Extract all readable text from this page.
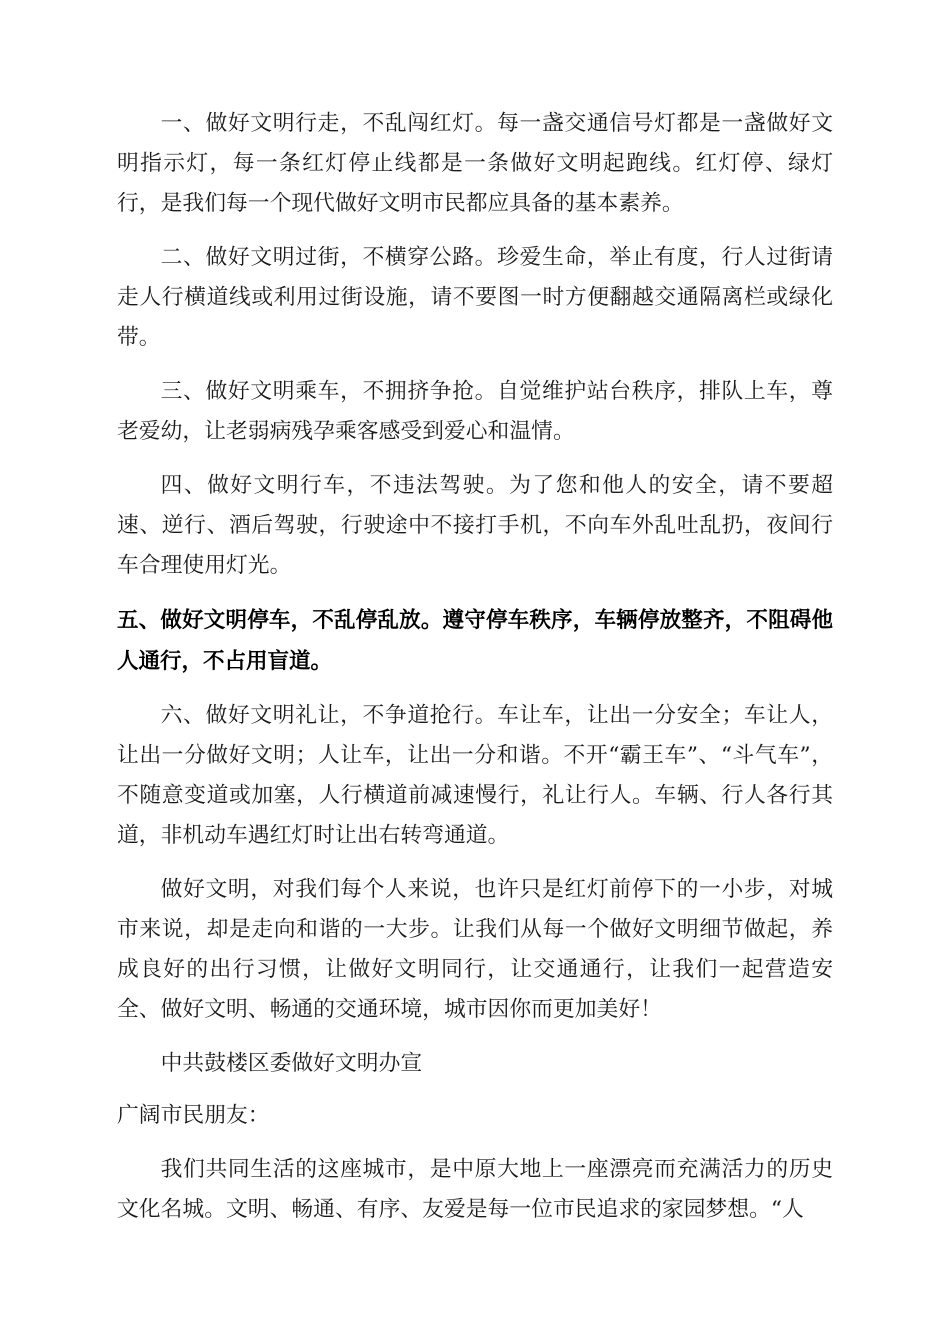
一、做好文明行走，不乱闯红灯。每一盏交通信号灯都是一盏做好文明指示灯，每一条红灯停止线都是一条做好文明起跑线。红灯停、绿灯行，是我们每一个现代做好文明市民都应具备的基本素养。

二、做好文明过街，不横穿公路。珍爱生命，举止有度，行人过街请走人行横道线或利用过街设施，请不要图一时方便翻越交通隔离栏或绿化带。

三、做好文明乘车，不拥挤争抢。自觉维护站台秩序，排队上车，尊老爱幼，让老弱病残孕乘客感受到爱心和温情。

四、做好文明行车，不违法驾驶。为了您和他人的安全，请不要超速、逆行、酒后驾驶，行驶途中不接打手机，不向车外乱吐乱扔，夜间行车合理使用灯光。

五、做好文明停车，不乱停乱放。遵守停车秩序，车辆停放整齐，不阻碍他人通行，不占用盲道。

六、做好文明礼让，不争道抢行。车让车，让出一分安全；车让人，让出一分做好文明；人让车，让出一分和谐。不开“霸王车”、“斗气车”，不随意变道或加塞，人行横道前减速慢行，礼让行人。车辆、行人各行其道，非机动车遇红灯时让出右转弯通道。

做好文明，对我们每个人来说，也许只是红灯前停下的一小步，对城市来说，却是走向和谐的一大步。让我们从每一个做好文明细节做起，养成良好的出行习惯，让做好文明同行，让交通通行，让我们一起营造安全、做好文明、畅通的交通环境，城市因你而更加美好！

中共鼓楼区委做好文明办宣

广阔市民朋友：

我们共同生活的这座城市，是中原大地上一座漂亮而充满活力的历史文化名城。文明、畅通、有序、友爱是每一位市民追求的家园梦想。“人
